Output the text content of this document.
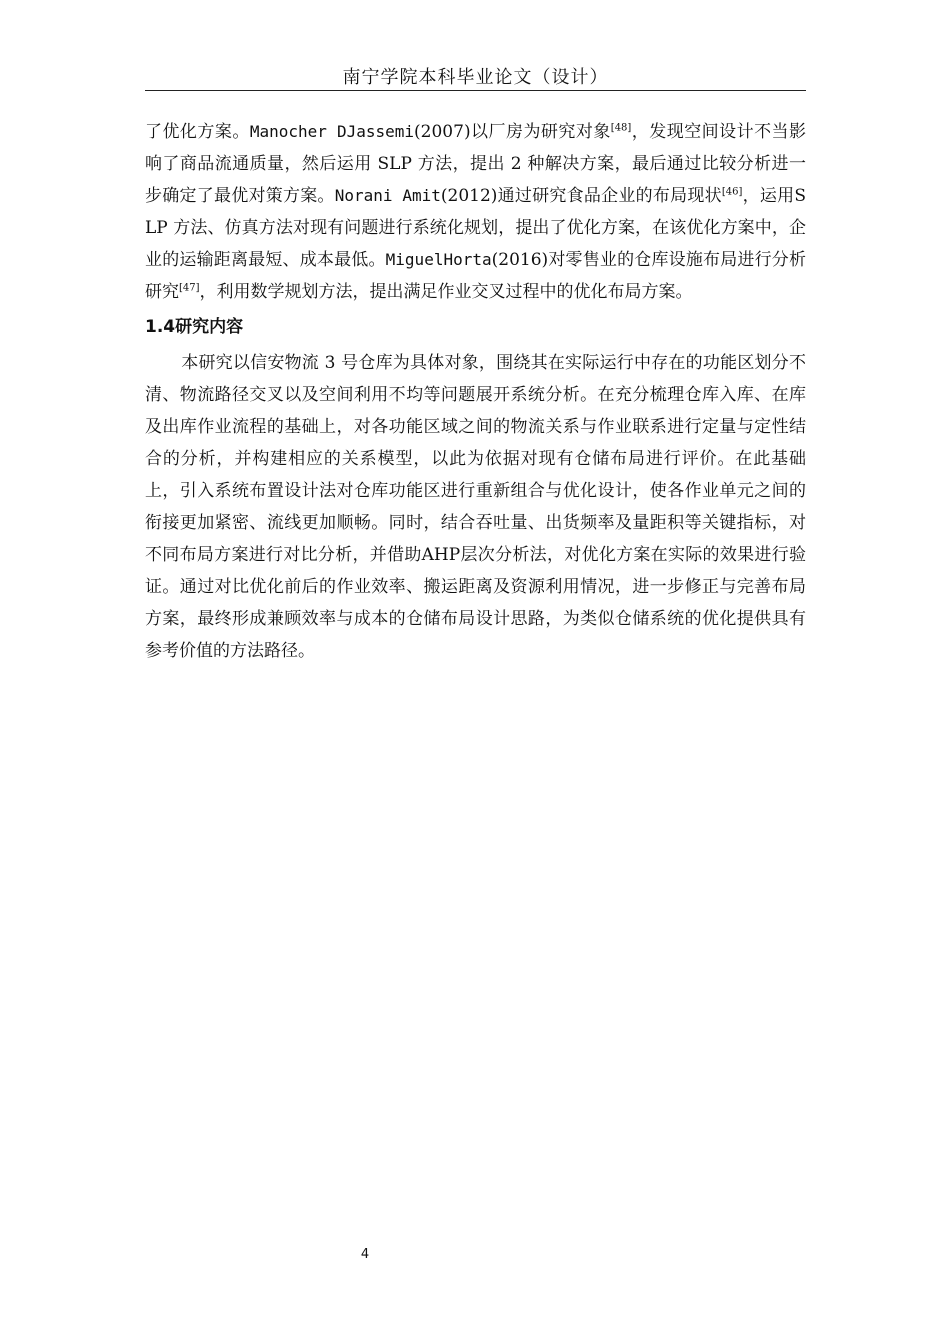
南宁学院本科毕业论文（设计）

了优化方案。Manocher DJassemi(2007)以厂房为研究对象[48]，发现空间设计不当影响了商品流通质量，然后运用 SLP 方法，提出 2 种解决方案，最后通过比较分析进一步确定了最优对策方案。Norani Amit(2012)通过研究食品企业的布局现状[46]，运用SLP 方法、仿真方法对现有问题进行系统化规划，提出了优化方案，在该优化方案中，企业的运输距离最短、成本最低。MiguelHorta(2016)对零售业的仓库设施布局进行分析研究[47]，利用数学规划方法，提出满足作业交叉过程中的优化布局方案。

1.4研究内容

本研究以信安物流 3 号仓库为具体对象，围绕其在实际运行中存在的功能区划分不清、物流路径交叉以及空间利用不均等问题展开系统分析。在充分梳理仓库入库、在库及出库作业流程的基础上，对各功能区域之间的物流关系与作业联系进行定量与定性结合的分析，并构建相应的关系模型，以此为依据对现有仓储布局进行评价。在此基础上，引入系统布置设计法对仓库功能区进行重新组合与优化设计，使各作业单元之间的衔接更加紧密、流线更加顺畅。同时，结合吞吐量、出货频率及量距积等关键指标，对不同布局方案进行对比分析，并借助AHP层次分析法，对优化方案在实际的效果进行验证。通过对比优化前后的作业效率、搬运距离及资源利用情况，进一步修正与完善布局方案，最终形成兼顾效率与成本的仓储布局设计思路，为类似仓储系统的优化提供具有参考价值的方法路径。

4
